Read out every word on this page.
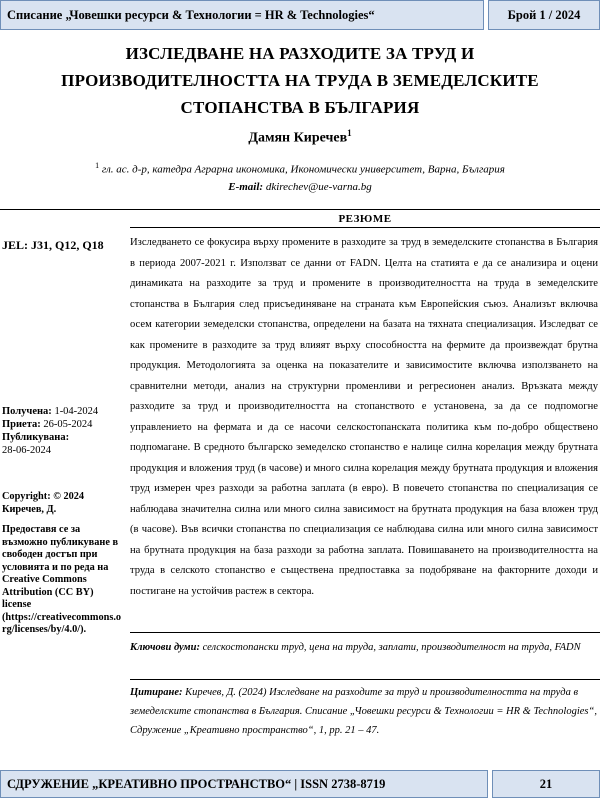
Списание „Човешки ресурси & Технологии = HR & Technologies“	Брой 1 / 2024
ИЗСЛЕДВАНЕ НА РАЗХОДИТЕ ЗА ТРУД И ПРОИЗВОДИТЕЛНОСТТА НА ТРУДА В ЗЕМЕДЕЛСКИТЕ СТОПАНСТВА В БЪЛГАРИЯ
Дамян Киречев$^1$
$^1$ гл. ас. д-р, катедра Аграрна икономика, Икономически университет, Варна, България
E-mail: dkirechev@ue-varna.bg
РЕЗЮМЕ
JEL: J31, Q12, Q18
Получена: 1-04-2024
Приета: 26-05-2024
Публикувана:
28-06-2024
Copyright: © 2024 Киречев, Д.
Предоставя се за възможно публикуване в свободен достъп при условията и по реда на Creative Commons Attribution (CC BY) license (https://creativecommons.org/licenses/by/4.0/).
Изследването се фокусира върху промените в разходите за труд в земеделските стопанства в България в периода 2007-2021 г. Използват се данни от FADN. Целта на статията е да се анализира и оцени динамиката на разходите за труд и промените в производителността на труда в земеделските стопанства в България след присъединяване на страната към Европейския съюз. Анализът включва осем категории земеделски стопанства, определени на базата на тяхната специализация. Изследват се как промените в разходите за труд влияят върху способността на фермите да произвеждат брутна продукция. Методологията за оценка на показателите и зависимостите включва използването на сравнителни методи, анализ на структурни променливи и регресионен анализ. Връзката между разходите за труд и производителността на стопанството е установена, за да се подпомогне управлението на фермата и да се насочи селскостопанската политика към по-добро обществено подпомагане. В средното българско земеделско стопанство е налице силна корелация между брутната продукция и вложения труд (в часове) и много силна корелация между брутната продукция и вложения труд измерен чрез разходи за работна заплата (в евро). В повечето стопанства по специализация се наблюдава значителна силна или много силна зависимост на брутната продукция на база вложен труд (в часове). Във всички стопанства по специализация се наблюдава силна или много силна зависимост на брутната продукция на база разходи за работна заплата. Повишаването на производителността на труда в селското стопанство е съществена предпоставка за подобряване на факторните доходи и постигане на устойчив растеж в сектора.
Ключови думи: селскостопански труд, цена на труда, заплати, производителност на труда, FADN
Цитиране: Киречев, Д. (2024) Изследване на разходите за труд и производителността на труда в земеделските стопанства в България. Списание „Човешки ресурси & Технологии = HR & Technologies“, Сдружение „Креативно пространство“, 1, pp. 21 – 47.
СДРУЖЕНИЕ „КРЕАТИВНО ПРОСТРАНСТВО“ | ISSN 2738-8719	21
